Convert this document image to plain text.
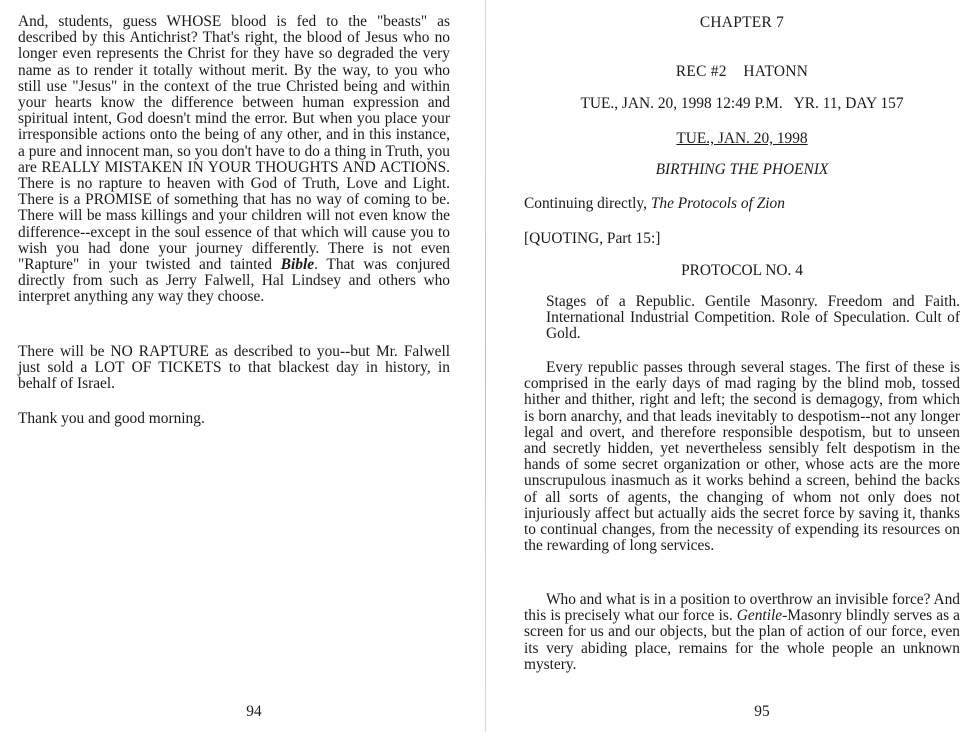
And, students, guess WHOSE blood is fed to the "beasts" as described by this Antichrist? That's right, the blood of Jesus who no longer even represents the Christ for they have so degraded the very name as to render it totally without merit. By the way, to you who still use "Jesus" in the context of the true Christed being and within your hearts know the difference between human expression and spiritual intent, God doesn't mind the error. But when you place your irresponsible actions onto the being of any other, and in this instance, a pure and innocent man, so you don't have to do a thing in Truth, you are REALLY MISTAKEN IN YOUR THOUGHTS AND ACTIONS. There is no rapture to heaven with God of Truth, Love and Light. There is a PROMISE of something that has no way of coming to be. There will be mass killings and your children will not even know the difference--except in the soul essence of that which will cause you to wish you had done your journey differently. There is not even "Rapture" in your twisted and tainted Bible. That was conjured directly from such as Jerry Falwell, Hal Lindsey and others who interpret anything any way they choose.

There will be NO RAPTURE as described to you--but Mr. Falwell just sold a LOT OF TICKETS to that blackest day in history, in behalf of Israel.

Thank you and good morning.

94
CHAPTER 7
REC #2    HATONN
TUE., JAN. 20, 1998 12:49 P.M.   YR. 11, DAY 157
TUE., JAN. 20, 1998
BIRTHING THE PHOENIX
Continuing directly, The Protocols of Zion
[QUOTING, Part 15:]
PROTOCOL NO. 4

Stages of a Republic. Gentile Masonry. Freedom and Faith. International Industrial Competition. Role of Speculation. Cult of Gold.

Every republic passes through several stages. The first of these is comprised in the early days of mad raging by the blind mob, tossed hither and thither, right and left; the second is demagogy, from which is born anarchy, and that leads inevitably to despotism--not any longer legal and overt, and therefore responsible despotism, but to unseen and secretly hidden, yet nevertheless sensibly felt despotism in the hands of some secret organization or other, whose acts are the more unscrupulous inasmuch as it works behind a screen, behind the backs of all sorts of agents, the changing of whom not only does not injuriously affect but actually aids the secret force by saving it, thanks to continual changes, from the necessity of expending its resources on the rewarding of long services.

Who and what is in a position to overthrow an invisible force? And this is precisely what our force is. Gentile-Masonry blindly serves as a screen for us and our objects, but the plan of action of our force, even its very abiding place, remains for the whole people an unknown mystery.

95
